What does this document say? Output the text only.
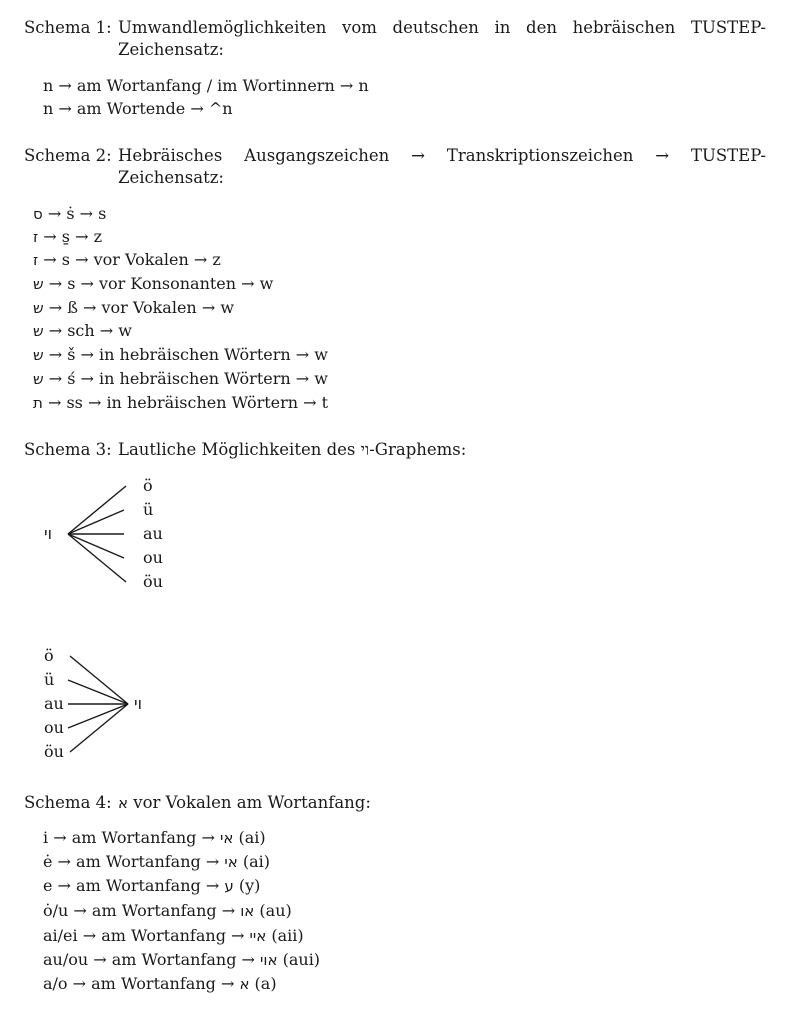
Schema 1: Umwandlemöglichkeiten vom deutschen in den hebräischen TUSTEP-Zeichensatz:
n → am Wortanfang / im Wortinnern → n
n → am Wortende → ^n
Schema 2: Hebräisches Ausgangszeichen → Transkriptionszeichen → TUSTEP-Zeichensatz:
ס → ṡ → s
ז → s̱ → z
ז → s → vor Vokalen → z
ש → s → vor Konsonanten → w
ש → ß → vor Vokalen → w
ש → sch → w
ש → š → in hebräischen Wörtern → w
ש → ś → in hebräischen Wörtern → w
ת → ss → in hebräischen Wörtern → t
Schema 3: Lautliche Möglichkeiten des וי-Graphems:
וי
ö
ü
au
ou
öu
ö
ü
au
ou
öu
וי
Schema 4: א vor Vokalen am Wortanfang:
i → am Wortanfang → אי (ai)
ė → am Wortanfang → אי (ai)
e → am Wortanfang → ע (y)
ȯ/u → am Wortanfang → או (au)
ai/ei → am Wortanfang → איי (aii)
au/ou → am Wortanfang → אוי (aui)
a/o → am Wortanfang → א (a)
